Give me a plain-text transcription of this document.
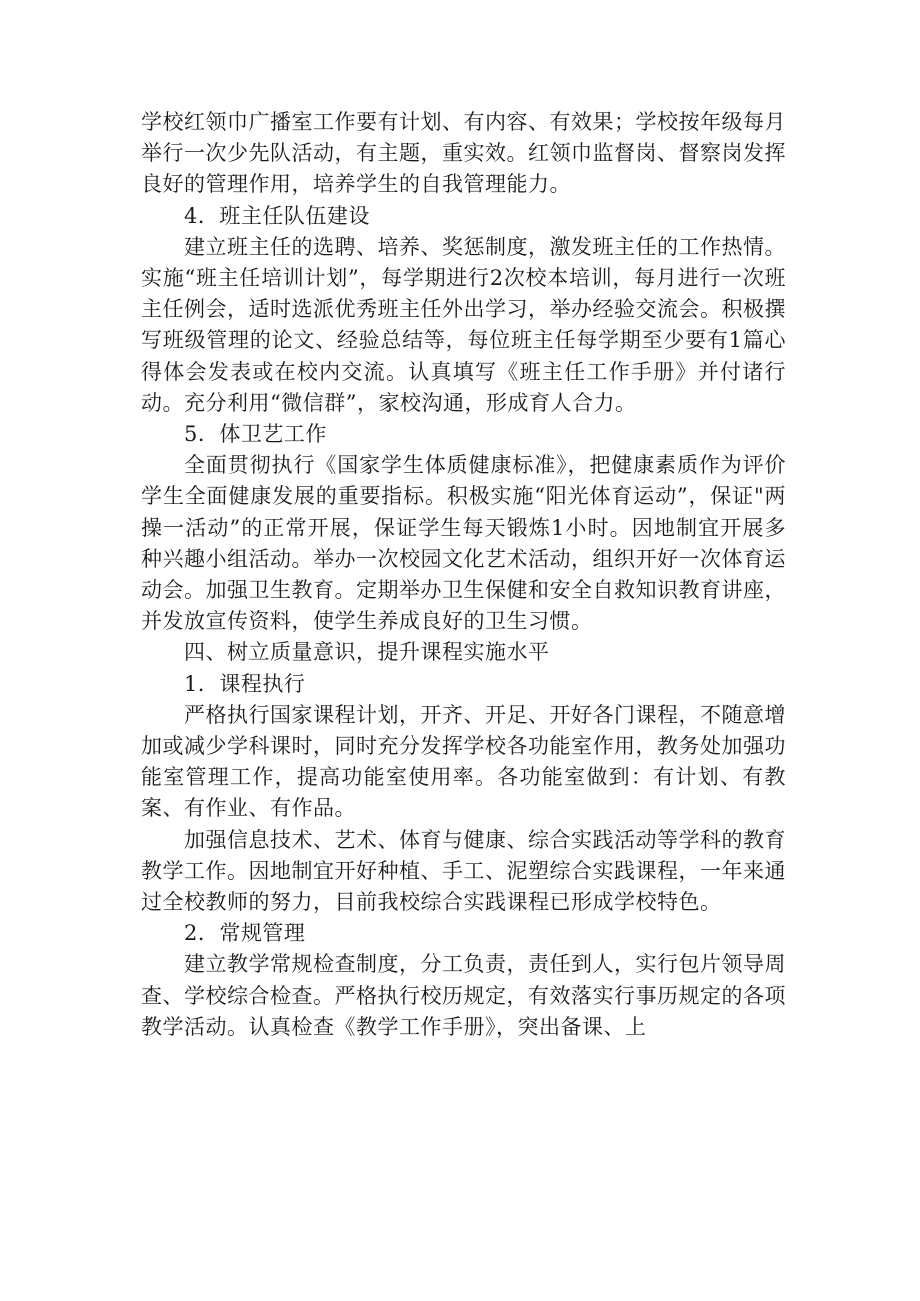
学校红领巾广播室工作要有计划、有内容、有效果；学校按年级每月举行一次少先队活动，有主题，重实效。红领巾监督岗、督察岗发挥良好的管理作用，培养学生的自我管理能力。

4．班主任队伍建设

建立班主任的选聘、培养、奖惩制度，激发班主任的工作热情。实施“班主任培训计划”，每学期进行2次校本培训，每月进行一次班主任例会，适时选派优秀班主任外出学习，举办经验交流会。积极撰写班级管理的论文、经验总结等，每位班主任每学期至少要有1篇心得体会发表或在校内交流。认真填写《班主任工作手册》并付诸行动。充分利用“微信群”，家校沟通，形成育人合力。

5．体卫艺工作

全面贯彻执行《国家学生体质健康标准》，把健康素质作为评价学生全面健康发展的重要指标。积极实施“阳光体育运动”，保证"两操一活动”的正常开展，保证学生每天锻炼1小时。因地制宜开展多种兴趣小组活动。举办一次校园文化艺术活动，组织开好一次体育运动会。加强卫生教育。定期举办卫生保健和安全自救知识教育讲座，并发放宣传资料，使学生养成良好的卫生习惯。

四、树立质量意识，提升课程实施水平

1．课程执行

严格执行国家课程计划，开齐、开足、开好各门课程，不随意增加或减少学科课时，同时充分发挥学校各功能室作用，教务处加强功能室管理工作，提高功能室使用率。各功能室做到：有计划、有教案、有作业、有作品。

加强信息技术、艺术、体育与健康、综合实践活动等学科的教育教学工作。因地制宜开好种植、手工、泥塑综合实践课程，一年来通过全校教师的努力，目前我校综合实践课程已形成学校特色。

2．常规管理

建立教学常规检查制度，分工负责，责任到人，实行包片领导周查、学校综合检查。严格执行校历规定，有效落实行事历规定的各项教学活动。认真检查《教学工作手册》，突出备课、上
